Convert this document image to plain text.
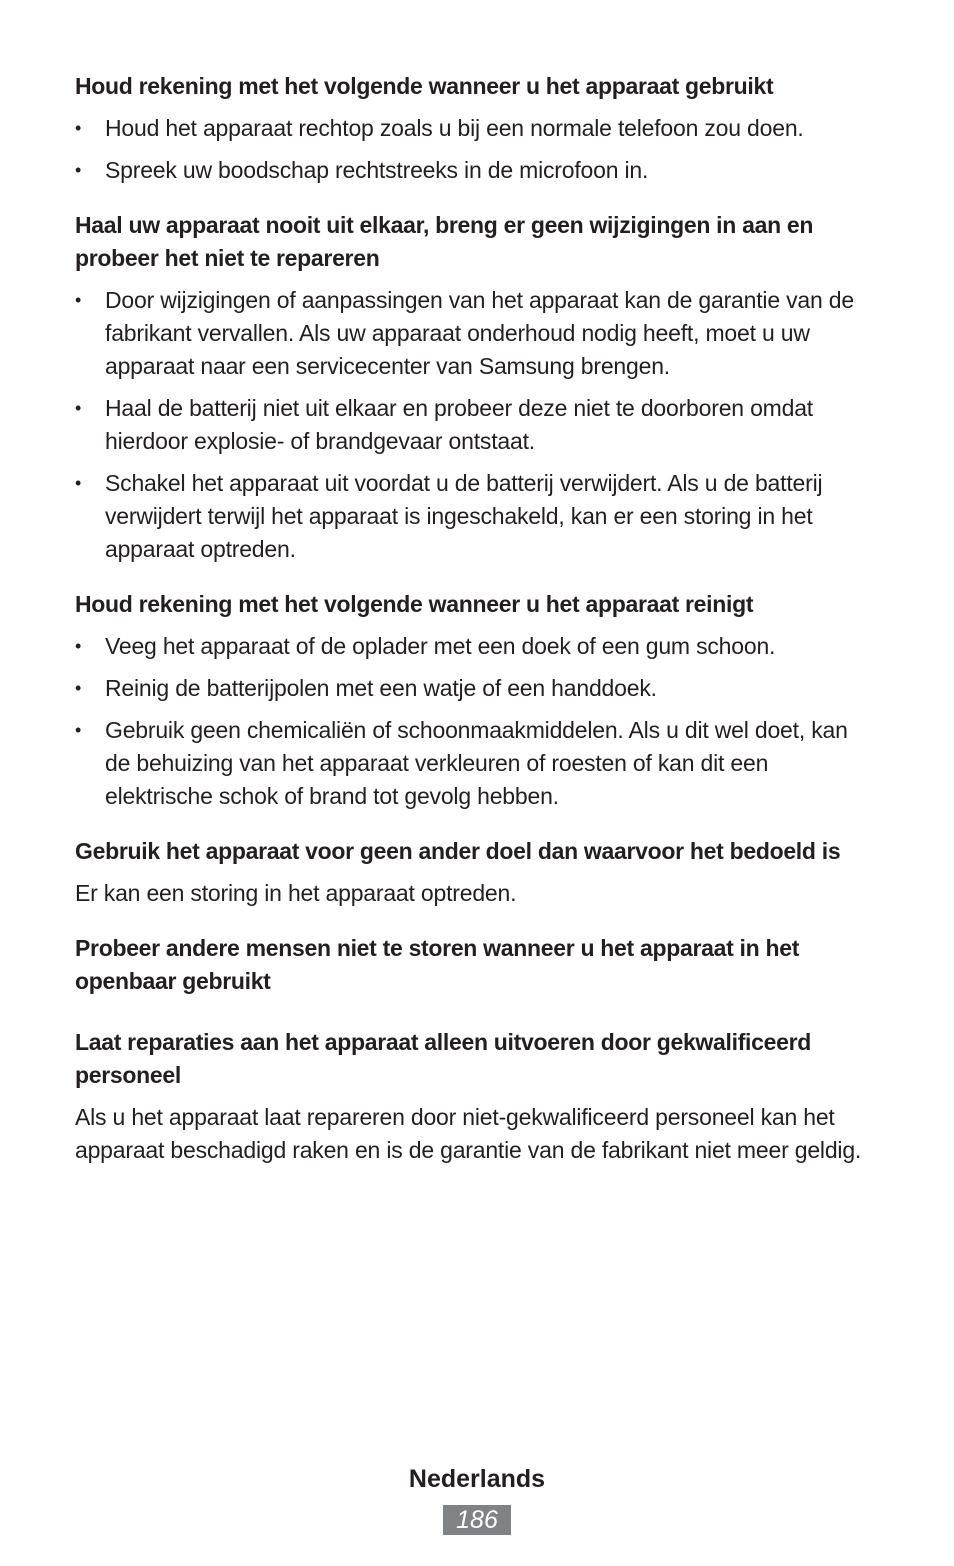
Houd rekening met het volgende wanneer u het apparaat gebruikt
•	Houd het apparaat rechtop zoals u bij een normale telefoon zou doen.
•	Spreek uw boodschap rechtstreeks in de microfoon in.
Haal uw apparaat nooit uit elkaar, breng er geen wijzigingen in aan en probeer het niet te repareren
•	Door wijzigingen of aanpassingen van het apparaat kan de garantie van de fabrikant vervallen. Als uw apparaat onderhoud nodig heeft, moet u uw apparaat naar een servicecenter van Samsung brengen.
•	Haal de batterij niet uit elkaar en probeer deze niet te doorboren omdat hierdoor explosie- of brandgevaar ontstaat.
•	Schakel het apparaat uit voordat u de batterij verwijdert. Als u de batterij verwijdert terwijl het apparaat is ingeschakeld, kan er een storing in het apparaat optreden.
Houd rekening met het volgende wanneer u het apparaat reinigt
•	Veeg het apparaat of de oplader met een doek of een gum schoon.
•	Reinig de batterijpolen met een watje of een handdoek.
•	Gebruik geen chemicaliën of schoonmaakmiddelen. Als u dit wel doet, kan de behuizing van het apparaat verkleuren of roesten of kan dit een elektrische schok of brand tot gevolg hebben.
Gebruik het apparaat voor geen ander doel dan waarvoor het bedoeld is

Er kan een storing in het apparaat optreden.

Probeer andere mensen niet te storen wanneer u het apparaat in het openbaar gebruikt
Laat reparaties aan het apparaat alleen uitvoeren door gekwalificeerd personeel

Als u het apparaat laat repareren door niet-gekwalificeerd personeel kan het apparaat beschadigd raken en is de garantie van de fabrikant niet meer geldig.

Nederlands
186
